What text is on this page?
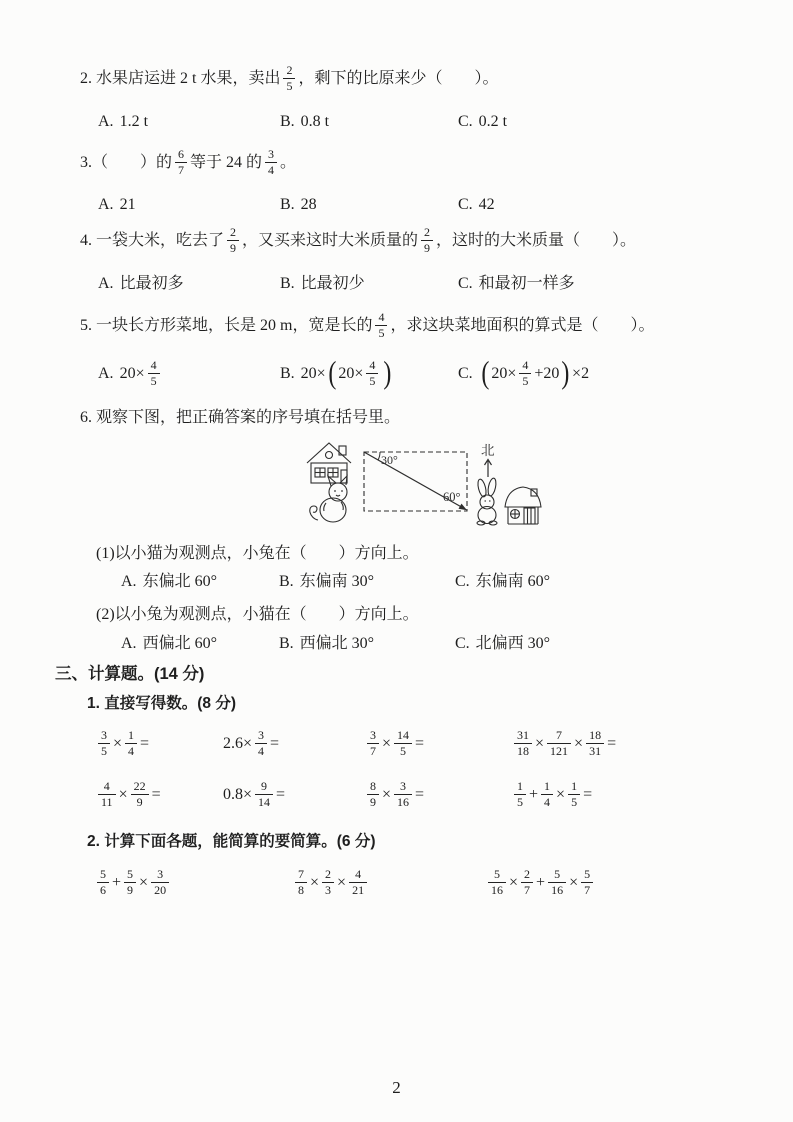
2. 水果店运进 2 t 水果，卖出 $\frac{2}{5}$ ，剩下的比原来少（　　）。
A. 1.2 t	B. 0.8 t	C. 0.2 t
3.（　　）的 $\frac{6}{7}$ 等于 24 的 $\frac{3}{4}$ 。
A. 21	B. 28	C. 42
4. 一袋大米，吃去了 $\frac{2}{9}$ ，又买来这时大米质量的 $\frac{2}{9}$ ，这时的大米质量（　　）。
A. 比最初多	B. 比最初少	C. 和最初一样多
5. 一块长方形菜地，长是 20 m，宽是长的 $\frac{4}{5}$ ，求这块菜地面积的算式是（　　）。
A. $20\times \frac{4}{5}$	B. 20× ( $20\times \frac{4}{5}$ )	C. ( $20\times \frac{4}{5} +20$ ) ×2
6. 观察下图，把正确答案的序号填在括号里。
30°
60°
北
(1)以小猫为观测点，小兔在（　　）方向上。
A. 东偏北 60°	B. 东偏南 30°	C. 东偏南 60°
(2)以小兔为观测点，小猫在（　　）方向上。
A. 西偏北 60°	B. 西偏北 30°	C. 北偏西 30°
三、计算题。(14 分)
1. 直接写得数。(8 分)
$\frac{3}{5} \times \frac{1}{4}$ =	$2.6\times \frac{3}{4}$ =	$\frac{3}{7} \times \frac{14}{5}$ =	$\frac{31}{18} \times \frac{7}{121} \times \frac{18}{31}$ =
$\frac{4}{11} \times \frac{22}{9}$ =	$0.8\times \frac{9}{14}$ =	$\frac{8}{9} \times \frac{3}{16}$ =	$\frac{1}{5} + \frac{1}{4} \times \frac{1}{5}$ =
2. 计算下面各题，能简算的要简算。(6 分)
$\frac{5}{6} + \frac{5}{9} \times \frac{3}{20}$	$\frac{7}{8} \times \frac{2}{3} \times \frac{4}{21}$	$\frac{5}{16} \times \frac{2}{7} + \frac{5}{16} \times \frac{5}{7}$
2
